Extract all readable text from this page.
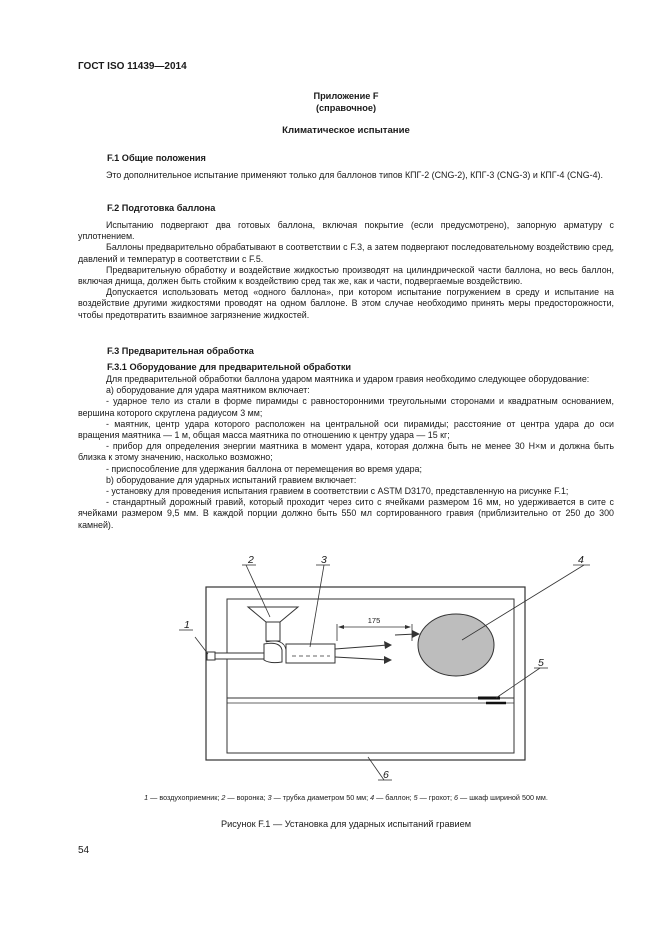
ГОСТ ISO 11439—2014
Приложение F
(справочное)
Климатическое испытание
F.1 Общие положения

Это дополнительное испытание применяют только для баллонов типов КПГ-2 (CNG-2), КПГ-3 (CNG-3) и КПГ-4 (CNG-4).

F.2 Подготовка баллона

Испытанию подвергают два готовых баллона, включая покрытие (если предусмотрено), запорную арматуру с уплотнением.

Баллоны предварительно обрабатывают в соответствии с F.3, а затем подвергают последовательному воздействию сред, давлений и температур в соответствии с F.5.

Предварительную обработку и воздействие жидкостью производят на цилиндрической части баллона, но весь баллон, включая днища, должен быть стойким к воздействию сред так же, как и части, подвергаемые воздействию.

Допускается использовать метод «одного баллона», при котором испытание погружением в среду и испытание на воздействие другими жидкостями проводят на одном баллоне. В этом случае необходимо принять меры предосторожности, чтобы предотвратить взаимное загрязнение жидкостей.

F.3 Предварительная обработка
F.3.1 Оборудование для предварительной обработки

Для предварительной обработки баллона ударом маятника и ударом гравия необходимо следующее оборудование:

а) оборудование для удара маятником включает:

- ударное тело из стали в форме пирамиды с равносторонними треугольными сторонами и квадратным основанием, вершина которого скруглена радиусом 3 мм;

- маятник, центр удара которого расположен на центральной оси пирамиды; расстояние от центра удара до оси вращения маятника — 1 м, общая масса маятника по отношению к центру удара — 15 кг;

- прибор для определения энергии маятника в момент удара, которая должна быть не менее 30 Н×м и должна быть близка к этому значению, насколько возможно;

- приспособление для удержания баллона от перемещения во время удара;

b) оборудование для ударных испытаний гравием включает:

- установку для проведения испытания гравием в соответствии с ASTM D3170, представленную на рисунке F.1;

- стандартный дорожный гравий, который проходит через сито с ячейками размером 16 мм, но удерживается в сите с ячейками размером 9,5 мм. В каждой порции должно быть 550 мл сортированного гравия (приблизительно от 250 до 300 камней).

175
1
2	3	4
5
6
1 — воздухоприемник; 2 — воронка; 3 — трубка диаметром 50 мм; 4 — баллон; 5 — грохот; 6 — шкаф шириной 500 мм.
Рисунок F.1 — Установка для ударных испытаний гравием
54
